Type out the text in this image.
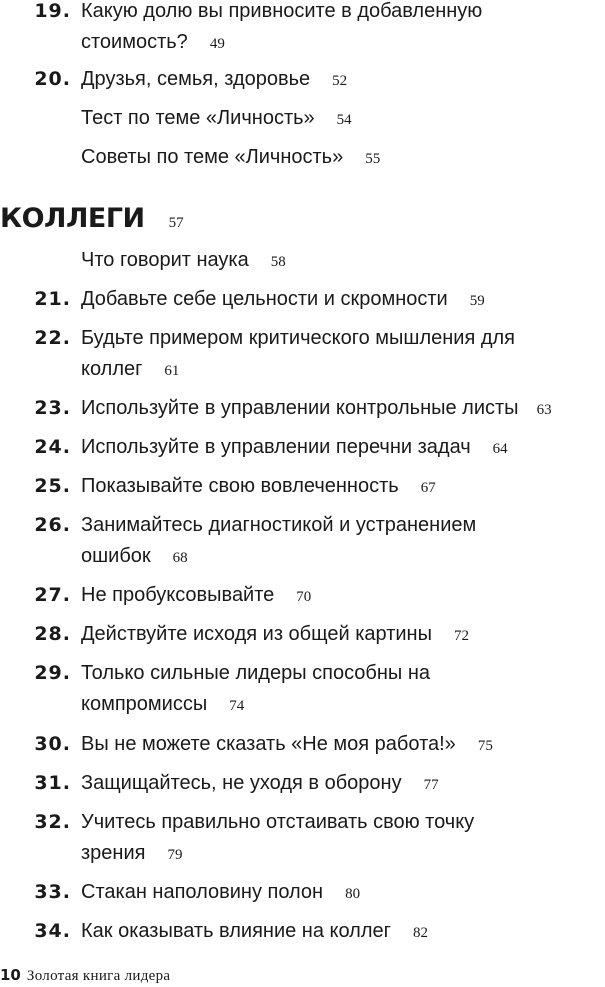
19. Какую долю вы привносите в добавленную стоимость? 49
20. Друзья, семья, здоровье 52
Тест по теме «Личность» 54
Советы по теме «Личность» 55
КОЛЛЕГИ 57
Что говорит наука 58
21. Добавьте себе цельности и скромности 59
22. Будьте примером критического мышления для коллег 61
23. Используйте в управлении контрольные листы 63
24. Используйте в управлении перечни задач 64
25. Показывайте свою вовлеченность 67
26. Занимайтесь диагностикой и устранением ошибок 68
27. Не пробуксовывайте 70
28. Действуйте исходя из общей картины 72
29. Только сильные лидеры способны на компромиссы 74
30. Вы не можете сказать «Не моя работа!» 75
31. Защищайтесь, не уходя в оборону 77
32. Учитесь правильно отстаивать свою точку зрения 79
33. Стакан наполовину полон 80
34. Как оказывать влияние на коллег 82
10 Золотая книга лидера
